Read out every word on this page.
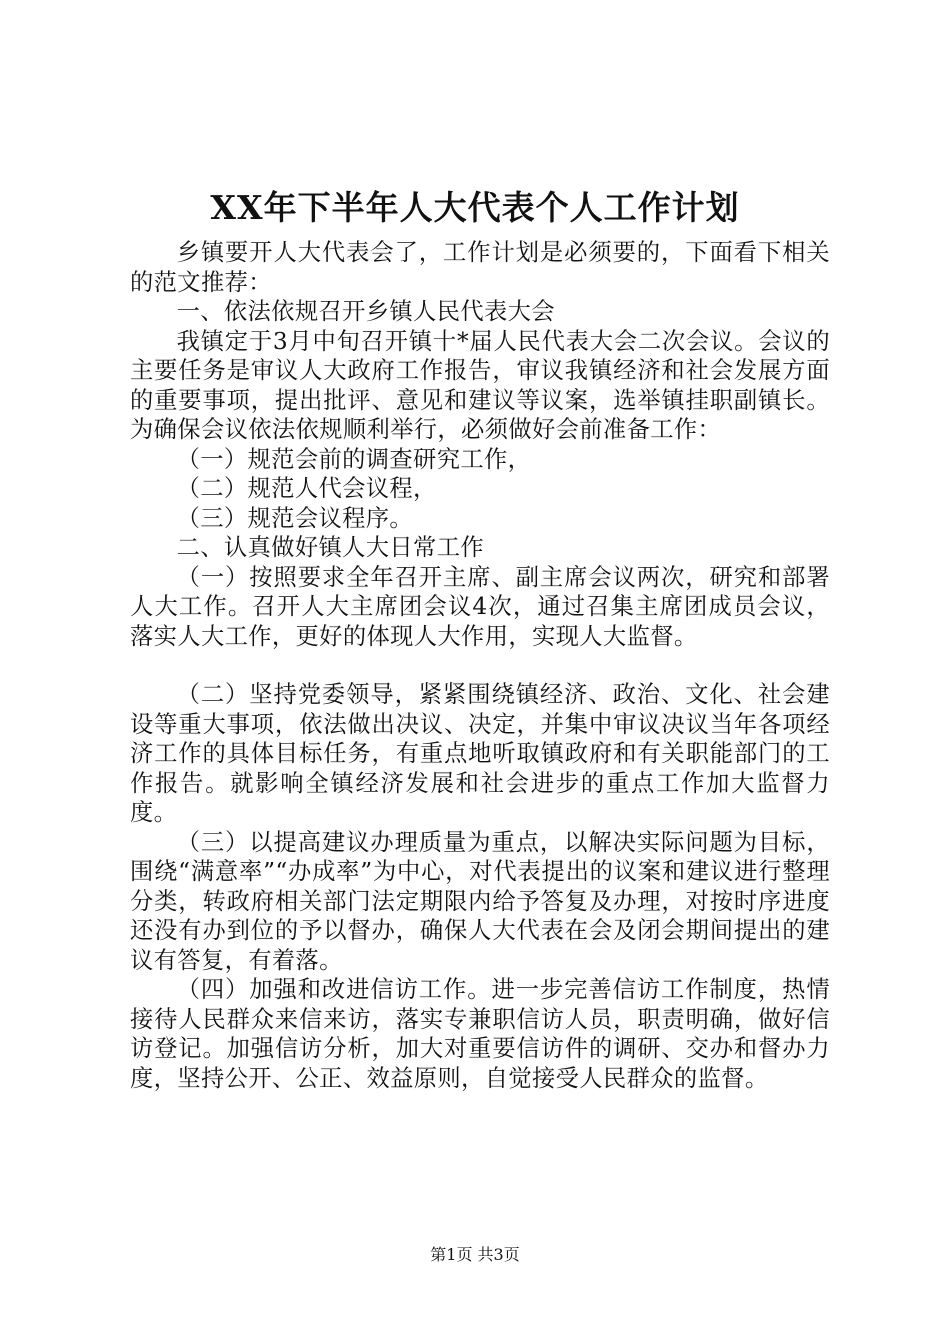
XX年下半年人大代表个人工作计划

乡镇要开人大代表会了，工作计划是必须要的，下面看下相关的范文推荐：

一、依法依规召开乡镇人民代表大会

我镇定于3月中旬召开镇十*届人民代表大会二次会议。会议的主要任务是审议人大政府工作报告，审议我镇经济和社会发展方面的重要事项，提出批评、意见和建议等议案，选举镇挂职副镇长。为确保会议依法依规顺利举行，必须做好会前准备工作：

（一）规范会前的调查研究工作，

（二）规范人代会议程，

（三）规范会议程序。

二、认真做好镇人大日常工作

（一）按照要求全年召开主席、副主席会议两次，研究和部署人大工作。召开人大主席团会议4次，通过召集主席团成员会议，落实人大工作，更好的体现人大作用，实现人大监督。

（二）坚持党委领导，紧紧围绕镇经济、政治、文化、社会建设等重大事项，依法做出决议、决定，并集中审议决议当年各项经济工作的具体目标任务，有重点地听取镇政府和有关职能部门的工作报告。就影响全镇经济发展和社会进步的重点工作加大监督力度。

（三）以提高建议办理质量为重点，以解决实际问题为目标，围绕“满意率”“办成率”为中心，对代表提出的议案和建议进行整理分类，转政府相关部门法定期限内给予答复及办理，对按时序进度还没有办到位的予以督办，确保人大代表在会及闭会期间提出的建议有答复，有着落。

（四）加强和改进信访工作。进一步完善信访工作制度，热情接待人民群众来信来访，落实专兼职信访人员，职责明确，做好信访登记。加强信访分析，加大对重要信访件的调研、交办和督办力度，坚持公开、公正、效益原则，自觉接受人民群众的监督。

第1页 共3页
